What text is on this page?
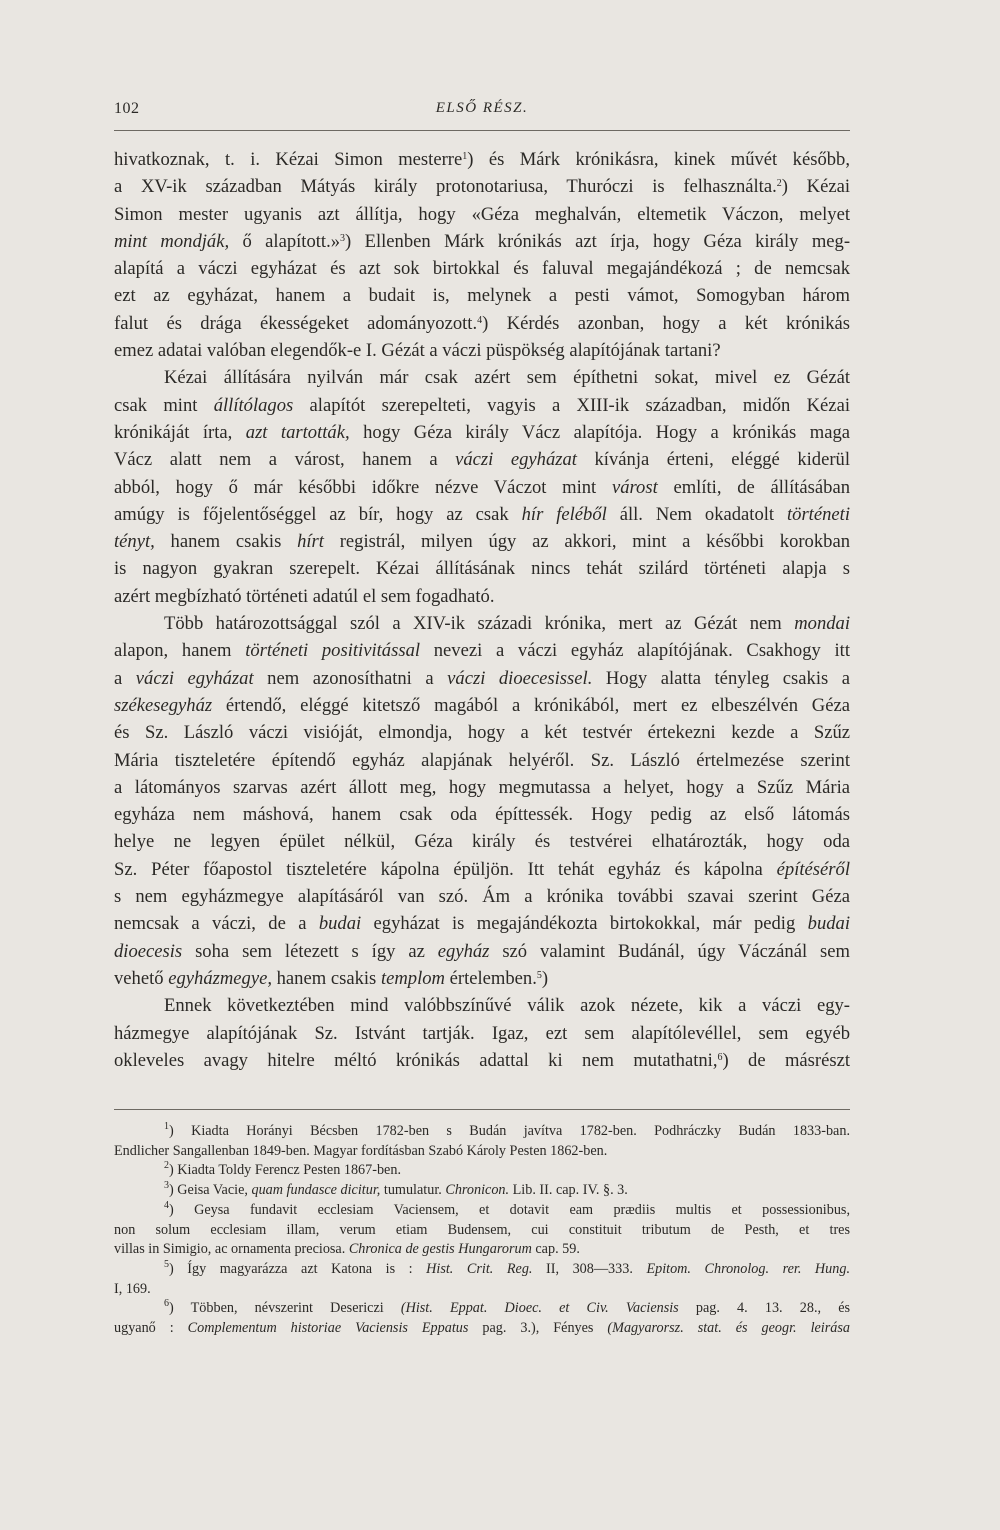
102	ELSŐ RÉSZ.

hivatkoznak, t. i. Kézai Simon mesterre$^1$) és Márk krónikásra, kinek művét később,

a XV-ik században Mátyás király protonotariusa, Thuróczi is felhasználta.$^2$) Kézai

Simon mester ugyanis azt állítja, hogy «Géza meghalván, eltemetik Váczon, melyet

mint mondják, ő alapított.»$^3$) Ellenben Márk krónikás azt írja, hogy Géza király meg-

alapítá a váczi egyházat és azt sok birtokkal és faluval megajándékozá ; de nemcsak

ezt az egyházat, hanem a budait is, melynek a pesti vámot, Somogyban három

falut és drága ékességeket adományozott.$^4$) Kérdés azonban, hogy a két krónikás

emez adatai valóban elegendők-e I. Gézát a váczi püspökség alapítójának tartani?

Kézai állítására nyilván már csak azért sem építhetni sokat, mivel ez Gézát

csak mint állítólagos alapítót szerepelteti, vagyis a XIII-ik században, midőn Kézai

krónikáját írta, azt tartották, hogy Géza király Vácz alapítója. Hogy a krónikás maga

Vácz alatt nem a várost, hanem a váczi egyházat kívánja érteni, eléggé kiderül

abból, hogy ő már későbbi időkre nézve Váczot mint várost említi, de állításában

amúgy is főjelentőséggel az bír, hogy az csak hír feléből áll. Nem okadatolt történeti

tényt, hanem csakis hírt registrál, milyen úgy az akkori, mint a későbbi korokban

is nagyon gyakran szerepelt. Kézai állításának nincs tehát szilárd történeti alapja s

azért megbízható történeti adatúl el sem fogadható.

Több határozottsággal szól a XIV-ik századi krónika, mert az Gézát nem mondai

alapon, hanem történeti positivitással nevezi a váczi egyház alapítójának. Csakhogy itt

a váczi egyházat nem azonosíthatni a váczi dioecesissel. Hogy alatta tényleg csakis a

székesegyház értendő, eléggé kitetsző magából a krónikából, mert ez elbeszélvén Géza

és Sz. László váczi visióját, elmondja, hogy a két testvér értekezni kezde a Szűz

Mária tiszteletére építendő egyház alapjának helyéről. Sz. László értelmezése szerint

a látományos szarvas azért állott meg, hogy megmutassa a helyet, hogy a Szűz Mária

egyháza nem máshová, hanem csak oda építtessék. Hogy pedig az első látomás

helye ne legyen épület nélkül, Géza király és testvérei elhatározták, hogy oda

Sz. Péter főapostol tiszteletére kápolna épüljön. Itt tehát egyház és kápolna építéséről

s nem egyházmegye alapításáról van szó. Ám a krónika további szavai szerint Géza

nemcsak a váczi, de a budai egyházat is megajándékozta birtokokkal, már pedig budai

dioecesis soha sem létezett s így az egyház szó valamint Budánál, úgy Váczánál sem

vehető egyházmegye, hanem csakis templom értelemben.$^5$)

Ennek következtében mind valóbbszínűvé válik azok nézete, kik a váczi egy-

házmegye alapítójának Sz. Istvánt tartják. Igaz, ezt sem alapítólevéllel, sem egyéb

okleveles avagy hitelre méltó krónikás adattal ki nem mutathatni,$^6$) de másrészt

$^1$) Kiadta Horányi Bécsben 1782-ben s Budán javítva 1782-ben. Podhráczky Budán 1833-ban.

Endlicher Sangallenban 1849-ben. Magyar fordításban Szabó Károly Pesten 1862-ben.

$^2$) Kiadta Toldy Ferencz Pesten 1867-ben.

$^3$) Geisa Vacie, quam fundasce dicitur, tumulatur. Chronicon. Lib. II. cap. IV. §. 3.

$^4$) Geysa fundavit ecclesiam Vaciensem, et dotavit eam prædiis multis et possessionibus,

non solum ecclesiam illam, verum etiam Budensem, cui constituit tributum de Pesth, et tres

villas in Simigio, ac ornamenta preciosa. Chronica de gestis Hungarorum cap. 59.

$^5$) Így magyarázza azt Katona is : Hist. Crit. Reg. II, 308—333. Epitom. Chronolog. rer. Hung.

I, 169.

$^6$) Többen, névszerint Desericzi (Hist. Eppat. Dioec. et Civ. Vaciensis pag. 4. 13. 28., és

ugyanő : Complementum historiae Vaciensis Eppatus pag. 3.), Fényes (Magyarorsz. stat. és geogr. leirása
